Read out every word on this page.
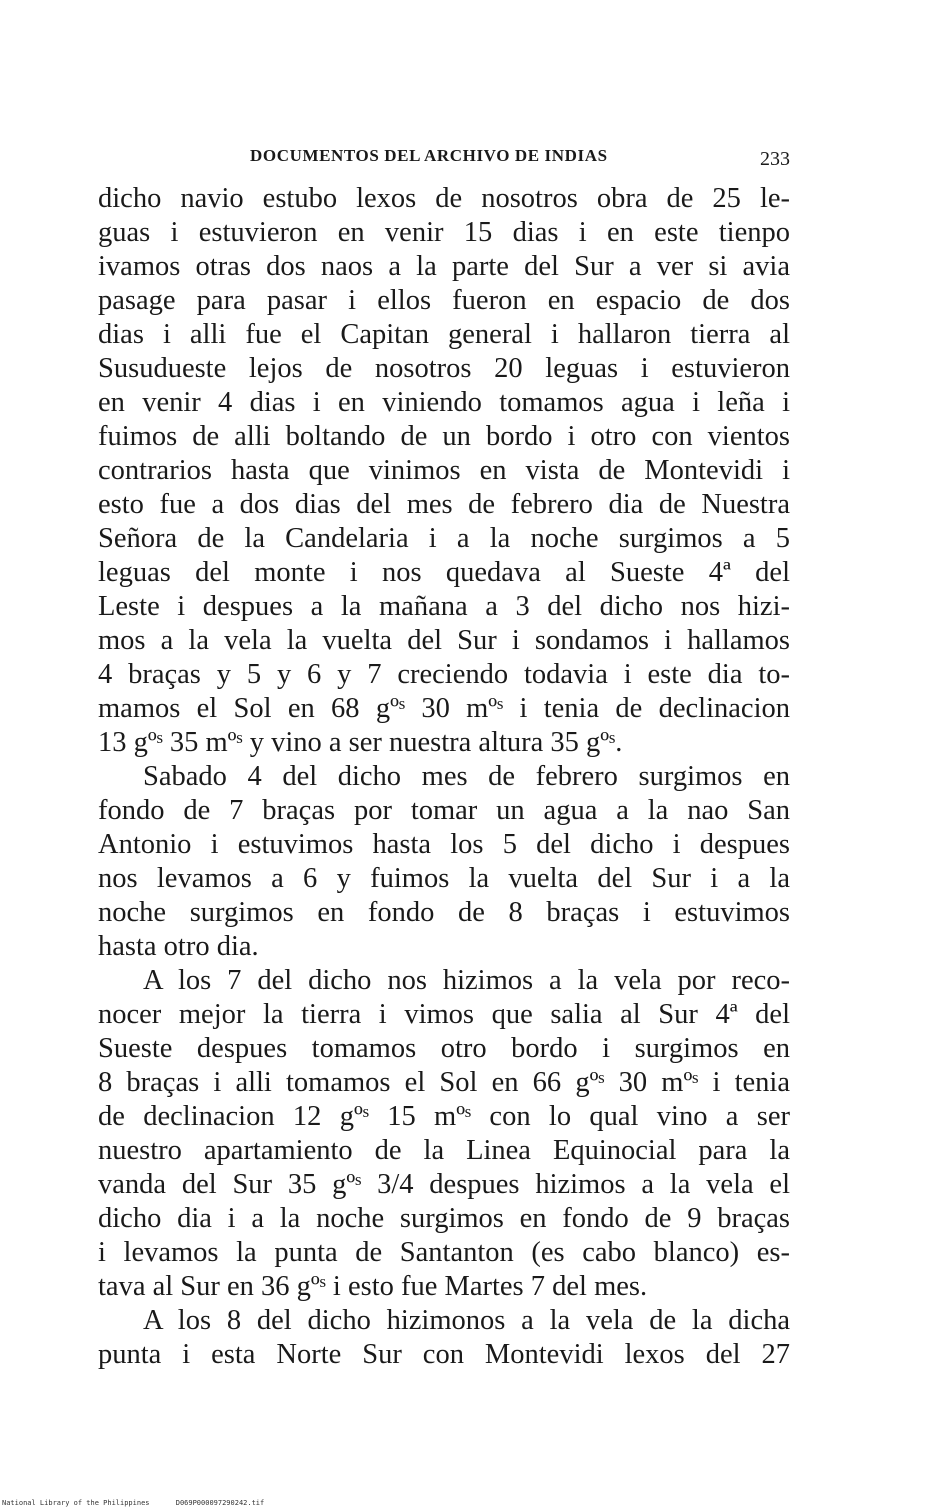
DOCUMENTOS DEL ARCHIVO DE INDIAS	233
dicho navio estubo lexos de nosotros obra de 25 le-
guas i estuvieron en venir 15 dias i en este tienpo
ivamos otras dos naos a la parte del Sur a ver si avia
pasage para pasar i ellos fueron en espacio de dos
dias i alli fue el Capitan general i hallaron tierra al
Susudueste lejos de nosotros 20 leguas i estuvieron
en venir 4 dias i en viniendo tomamos agua i leña i
fuimos de alli boltando de un bordo i otro con vientos
contrarios hasta que vinimos en vista de Montevidi i
esto fue a dos dias del mes de febrero dia de Nuestra
Señora de la Candelaria i a la noche surgimos a 5
leguas del monte i nos quedava al Sueste 4ª del
Leste i despues a la mañana a 3 del dicho nos hizi-
mos a la vela la vuelta del Sur i sondamos i hallamos
4 braças y 5 y 6 y 7 creciendo todavia i este dia to-
mamos el Sol en 68 gºˢ 30 mºˢ i tenia de declinacion
13 gºˢ 35 mºˢ y vino a ser nuestra altura 35 gºˢ.
Sabado 4 del dicho mes de febrero surgimos en
fondo de 7 braças por tomar un agua a la nao San
Antonio i estuvimos hasta los 5 del dicho i despues
nos levamos a 6 y fuimos la vuelta del Sur i a la
noche surgimos en fondo de 8 braças i estuvimos
hasta otro dia.
A los 7 del dicho nos hizimos a la vela por reco-
nocer mejor la tierra i vimos que salia al Sur 4ª del
Sueste despues tomamos otro bordo i surgimos en
8 braças i alli tomamos el Sol en 66 gºˢ 30 mºˢ i tenia
de declinacion 12 gºˢ 15 mºˢ con lo qual vino a ser
nuestro apartamiento de la Linea Equinocial para la
vanda del Sur 35 gºˢ 3/4 despues hizimos a la vela el
dicho dia i a la noche surgimos en fondo de 9 braças
i levamos la punta de Santanton (es cabo blanco) es-
tava al Sur en 36 gºˢ i esto fue Martes 7 del mes.
A los 8 del dicho hizimonos a la vela de la dicha
punta i esta Norte Sur con Montevidi lexos del 27
National Library of the Philippines	D069P000097290242.tif
